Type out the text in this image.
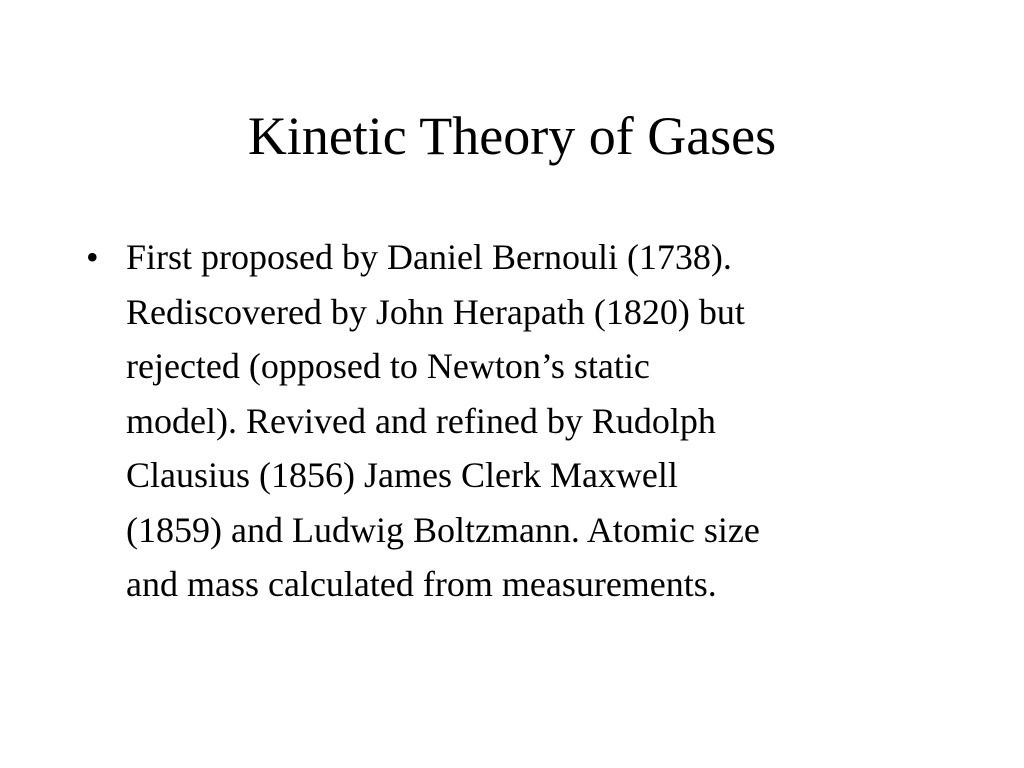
Kinetic Theory of Gases
• First proposed by Daniel Bernouli (1738).
Rediscovered by John Herapath (1820) but
rejected (opposed to Newton’s static
model). Revived and refined by Rudolph
Clausius (1856) James Clerk Maxwell
(1859) and Ludwig Boltzmann. Atomic size
and mass calculated from measurements.
